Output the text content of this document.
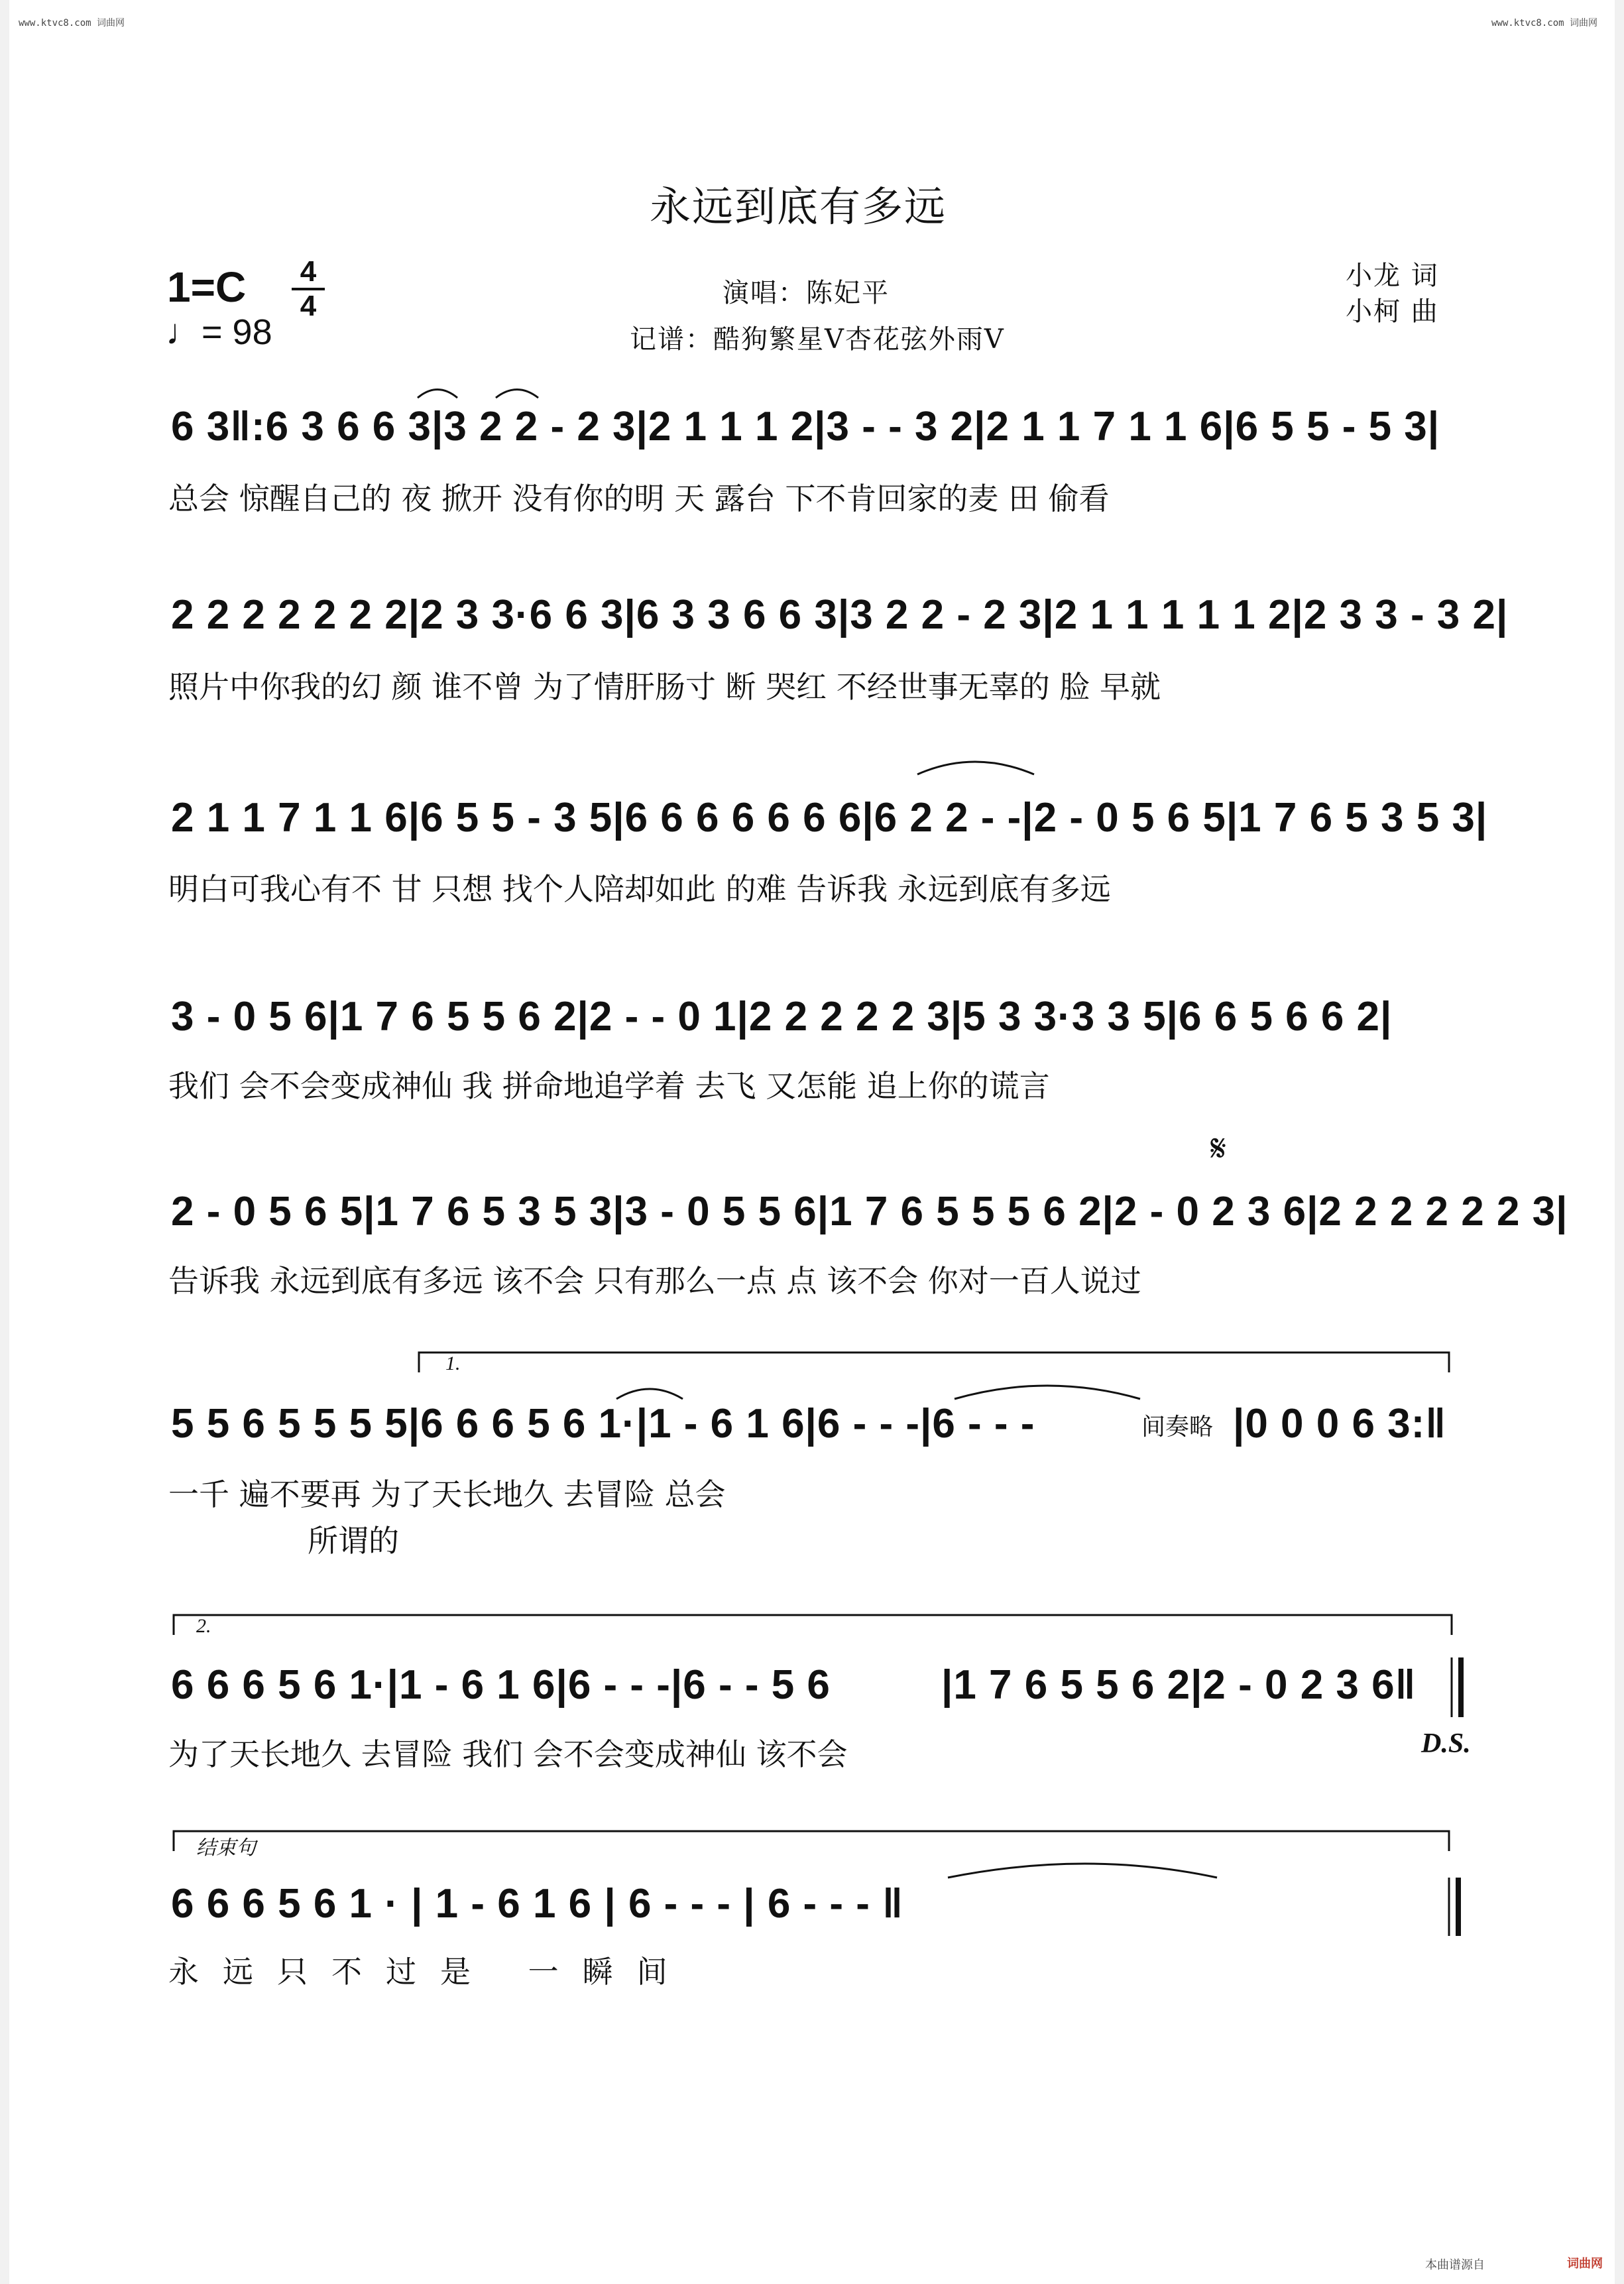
www.ktvc8.com 词曲网	www.ktvc8.com 词曲网
永远到底有多远
1=C 4
4
♩= 98
演唱：陈妃平
记谱：酷狗繁星V杏花弦外雨V
小龙 词
小柯 曲
6 3‖:6 3 6 6 3|3 2 2 - 2 3|2 1 1 1 2|3 - - 3 2|2 1 1 7 1 1 6|6 5 5 - 5 3|
总会 惊醒自己的 夜 掀开 没有你的明 天 露台 下不肯回家的麦 田 偷看
2 2 2 2 2 2 2|2 3 3·6 6 3|6 3 3 6 6 3|3 2 2 - 2 3|2 1 1 1 1 1 2|2 3 3 - 3 2|
照片中你我的幻 颜 谁不曾 为了情肝肠寸 断 哭红 不经世事无辜的 脸 早就
2 1 1 7 1 1 6|6 5 5 - 3 5|6 6 6 6 6 6 6|6 2 2 - -|2 - 0 5 6 5|1 7 6 5 3 5 3|
明白可我心有不 甘 只想 找个人陪却如此 的难 告诉我 永远到底有多远
3 - 0 5 6|1 7 6 5 5 6 2|2 - - 0 1|2 2 2 2 2 3|5 3 3·3 3 5|6 6 5 6 6 2|
我们 会不会变成神仙 我 拼命地追学着 去飞 又怎能 追上你的谎言
𝄋
2 - 0 5 6 5|1 7 6 5 3 5 3|3 - 0 5 5 6|1 7 6 5 5 5 6 2|2 - 0 2 3 6|2 2 2 2 2 2 3|
告诉我 永远到底有多远 该不会 只有那么一点 点 该不会 你对一百人说过
1.
5 5 6 5 5 5 5|6 6 6 5 6 1·|1 - 6 1 6|6 - - -|6 - - -	间奏略 |0 0 0 6 3:‖
一千 遍不要再 为了天长地久 去冒险 总会
所谓的
2.
6 6 6 5 6 1·|1 - 6 1 6|6 - - -|6 - - 5 6	|1 7 6 5 5 6 2|2 - 0 2 3 6‖
为了天长地久 去冒险 我们 会不会变成神仙 该不会	D.S.
结束句
6 6 6 5 6 1 · | 1 - 6 1 6 | 6 - - - | 6 - - - ‖
永远只不过是 一瞬间
本曲谱源自	词曲网
